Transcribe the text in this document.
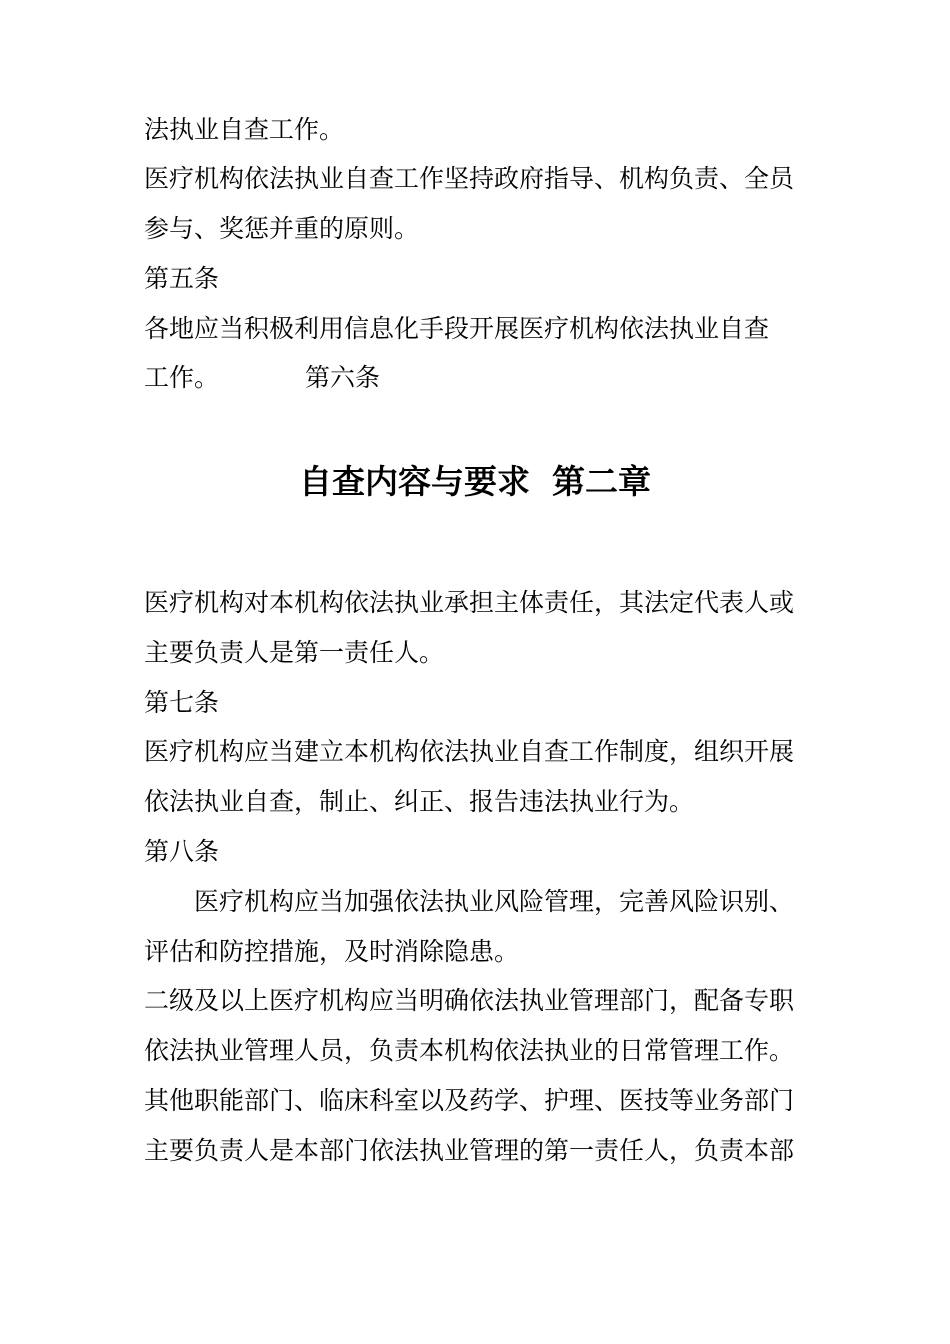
法执业自查工作。
医疗机构依法执业自查工作坚持政府指导、机构负责、全员
参与、奖惩并重的原则。
第五条
各地应当积极利用信息化手段开展医疗机构依法执业自查
工作。	第六条
自查内容与要求 第二章
医疗机构对本机构依法执业承担主体责任，其法定代表人或
主要负责人是第一责任人。
第七条
医疗机构应当建立本机构依法执业自查工作制度，组织开展
依法执业自查，制止、纠正、报告违法执业行为。
第八条
医疗机构应当加强依法执业风险管理，完善风险识别、
评估和防控措施，及时消除隐患。
二级及以上医疗机构应当明确依法执业管理部门，配备专职
依法执业管理人员，负责本机构依法执业的日常管理工作。
其他职能部门、临床科室以及药学、护理、医技等业务部门
主要负责人是本部门依法执业管理的第一责任人，负责本部
